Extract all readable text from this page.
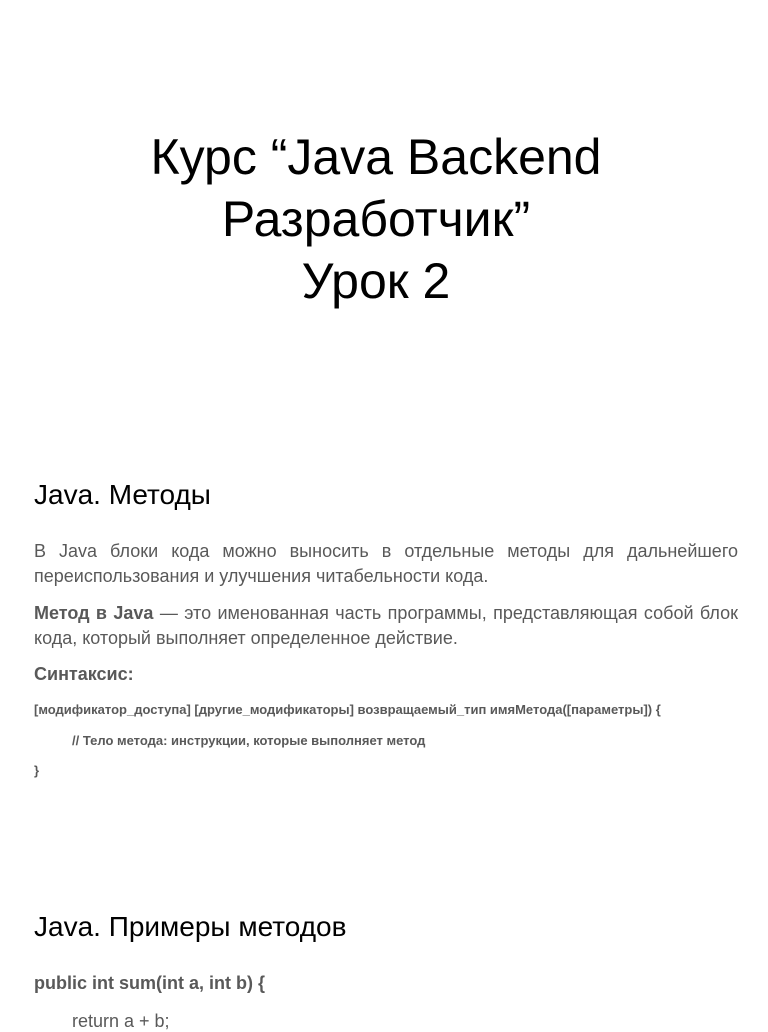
Курс “Java Backend
Разработчик”
Урок 2
Java. Методы
В Java блоки кода можно выносить в отдельные методы для дальнейшего переиспользования и улучшения читабельности кода.
Метод в Java — это именованная часть программы, представляющая собой блок кода, который выполняет определенное действие.
Синтаксис:
[модификатор_доступа] [другие_модификаторы] возвращаемый_тип имяМетода([параметры]) {
// Тело метода: инструкции, которые выполняет метод
}
Java. Примеры методов
public int sum(int a, int b) {
return a + b;
